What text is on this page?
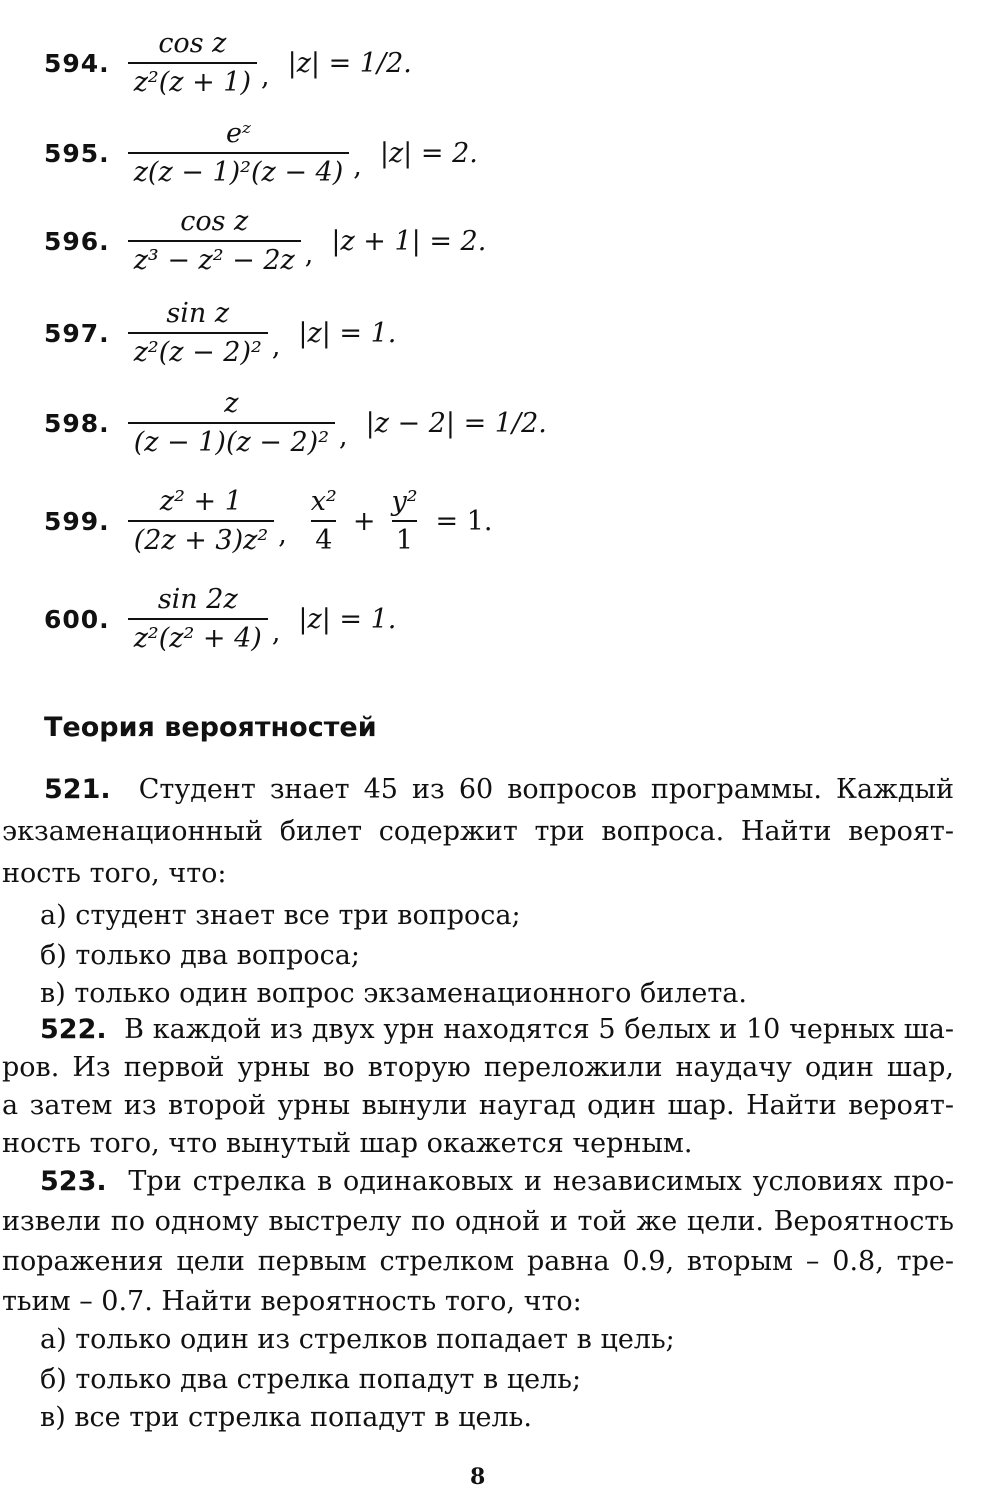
594. $\frac{\text{cos z}}{\text{z²(z + 1)}}$ , |z| = 1/2.
595. $\frac{\text{eᶻ}}{\text{z(z − 1)²(z − 4)}}$ , |z| = 2.
596. $\frac{\text{cos z}}{\text{z³ − z² − 2z}}$ , |z + 1| = 2.
597. $\frac{\text{sin z}}{\text{z²(z − 2)²}}$ , |z| = 1.
598. $\frac{z}{\text{(z − 1)(z − 2)²}}$ , |z − 2| = 1/2.
599. $\frac{\text{z² + 1}}{\text{(2z + 3)z²}}$ , $\frac{\text{x²}}{4} + \frac{\text{y²}}{1} = 1$.
600. $\frac{\sin 2z}{\text{z²(z² + 4)}}$ , |z| = 1.
Теория вероятностей
521. Студент знает 45 из 60 вопросов программы. Каждый
экзаменационный билет содержит три вопроса. Найти вероят-
ность того, что:
а) студент знает все три вопроса;
б) только два вопроса;
в) только один вопрос экзаменационного билета.
522. В каждой из двух урн находятся 5 белых и 10 черных ша-
ров. Из первой урны во вторую переложили наудачу один шар,
а затем из второй урны вынули наугад один шар. Найти вероят-
ность того, что вынутый шар окажется черным.
523. Три стрелка в одинаковых и независимых условиях про-
извели по одному выстрелу по одной и той же цели. Вероятность
поражения цели первым стрелком равна 0.9, вторым – 0.8, тре-
тьим – 0.7. Найти вероятность того, что:
а) только один из стрелков попадает в цель;
б) только два стрелка попадут в цель;
в) все три стрелка попадут в цель.
8
